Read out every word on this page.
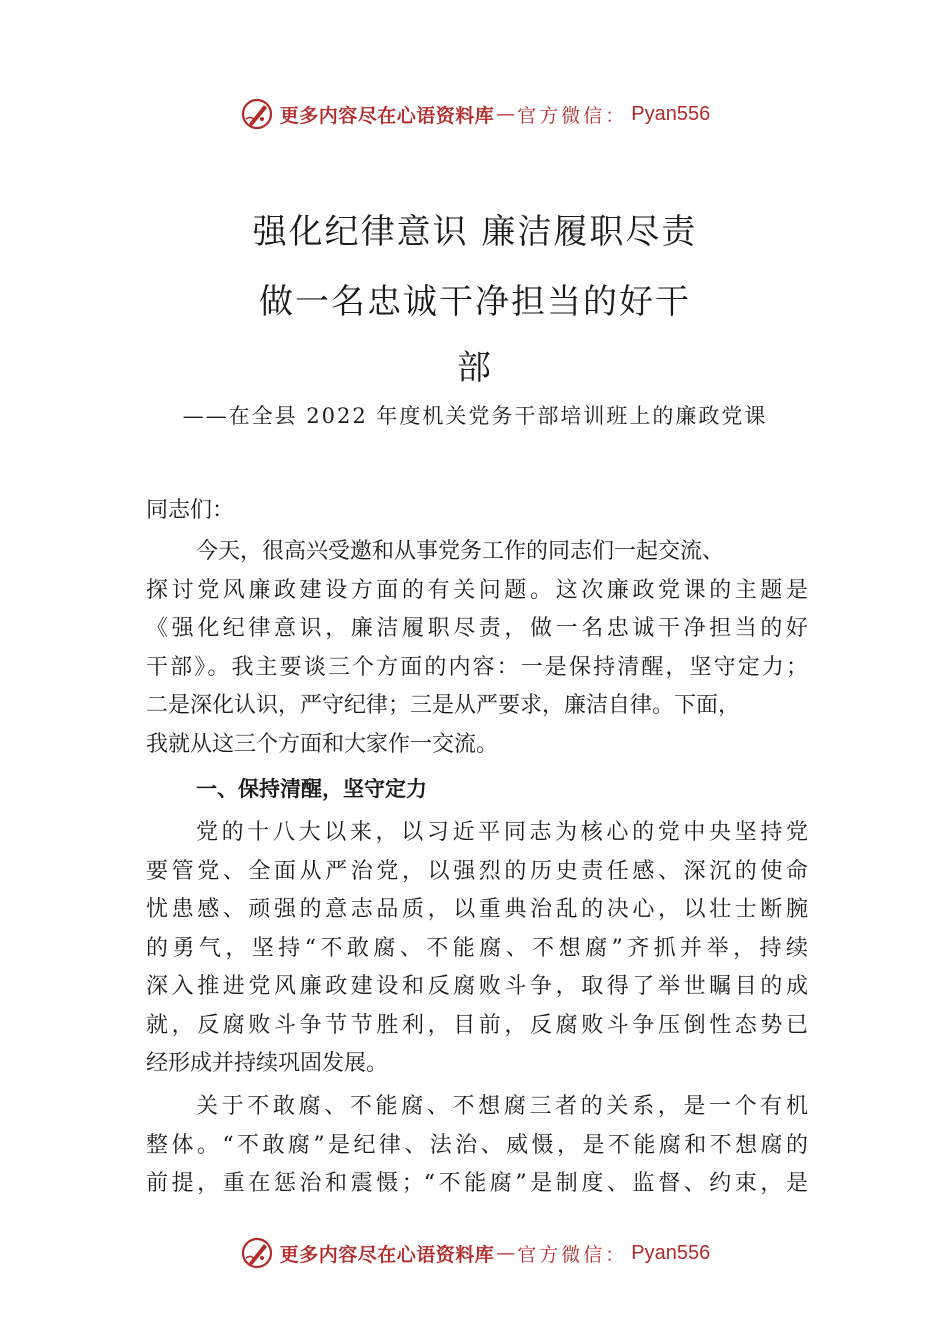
更多内容尽在心语资料库 — 官方微信： Pyan556
强化纪律意识 廉洁履职尽责
做一名忠诚干净担当的好干
部
——在全县 2022 年度机关党务干部培训班上的廉政党课
同志们：
今天，很高兴受邀和从事党务工作的同志们一起交流、
探讨党风廉政建设方面的有关问题。这次廉政党课的主题是
《强化纪律意识，廉洁履职尽责，做一名忠诚干净担当的好
干部》。我主要谈三个方面的内容：一是保持清醒，坚守定力；
二是深化认识，严守纪律；三是从严要求，廉洁自律。下面，
我就从这三个方面和大家作一交流。
一、保持清醒，坚守定力
党的十八大以来，以习近平同志为核心的党中央坚持党
要管党、全面从严治党，以强烈的历史责任感、深沉的使命
忧患感、顽强的意志品质，以重典治乱的决心，以壮士断腕
的勇气，坚持“不敢腐、不能腐、不想腐”齐抓并举，持续
深入推进党风廉政建设和反腐败斗争，取得了举世瞩目的成
就，反腐败斗争节节胜利，目前，反腐败斗争压倒性态势已
经形成并持续巩固发展。
关于不敢腐、不能腐、不想腐三者的关系，是一个有机
整体。“不敢腐”是纪律、法治、威慑，是不能腐和不想腐的
前提，重在惩治和震慑；“不能腐”是制度、监督、约束，是
更多内容尽在心语资料库 — 官方微信： Pyan556
